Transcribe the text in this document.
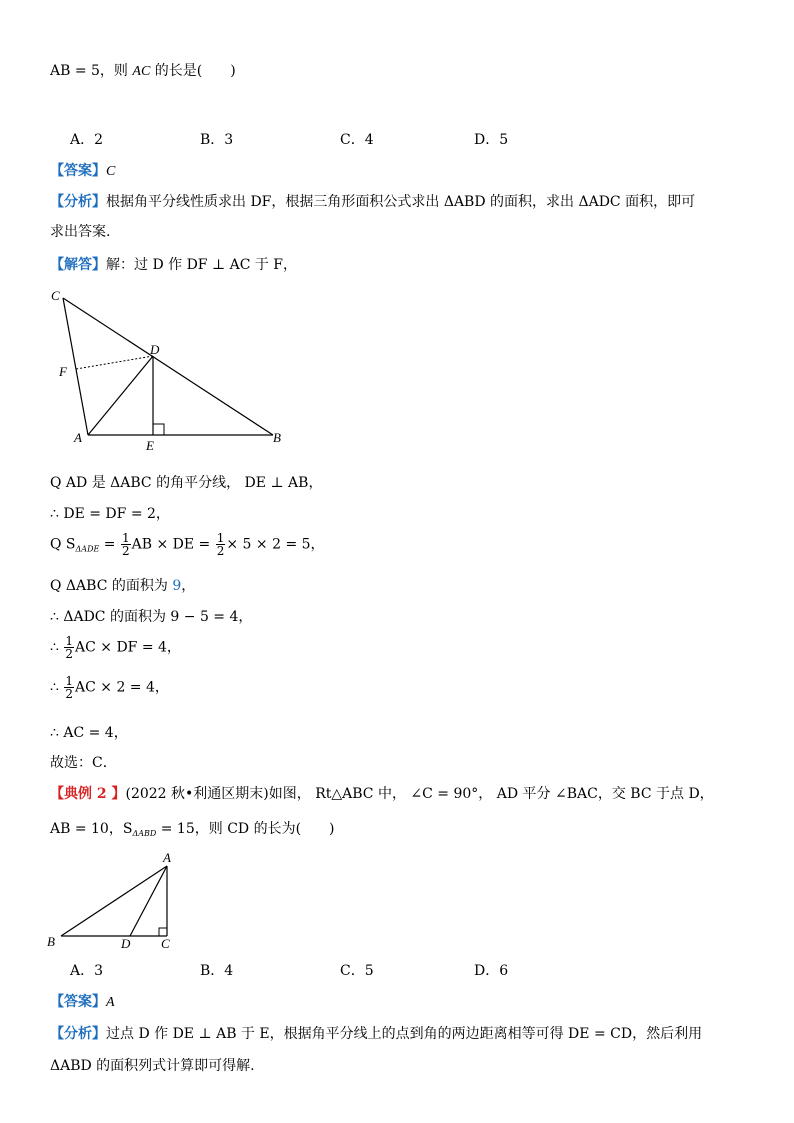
AB = 5，则 AC 的长是(　　)
A．2	B．3	C．4	D．5
【答案】C
【分析】根据角平分线性质求出 DF，根据三角形面积公式求出 ΔABD 的面积，求出 ΔADC 面积，即可
求出答案.
【解答】解：过 D 作 DF ⊥ AC 于 F，
C
D
F
A
E
B
Q AD 是 ΔABC 的角平分线， DE ⊥ AB，
∴ DE = DF = 2，
Q $S_{\Delta ADE} = \frac{1}{2}$ AB × DE = $\frac{1}{2} \times 5 \times 2 = 5$，
Q ΔABC 的面积为 9，
∴ ΔADC 的面积为 9 − 5 = 4，
∴ $\frac{1}{2}$ AC × DF = 4，
∴ $\frac{1}{2}$ AC × 2 = 4，
∴ AC = 4，
故选：C．
【典例 2 】(2022 秋•利通区期末)如图， Rt△ABC 中， ∠C = 90°， AD 平分 ∠BAC，交 BC 于点 D，
AB = 10，$S_{\Delta ABD} = 15$，则 CD 的长为(　　)
A
B	D C
A．3	B．4	C．5	D．6
【答案】A
【分析】过点 D 作 DE ⊥ AB 于 E，根据角平分线上的点到角的两边距离相等可得 DE = CD，然后利用
ΔABD 的面积列式计算即可得解.
